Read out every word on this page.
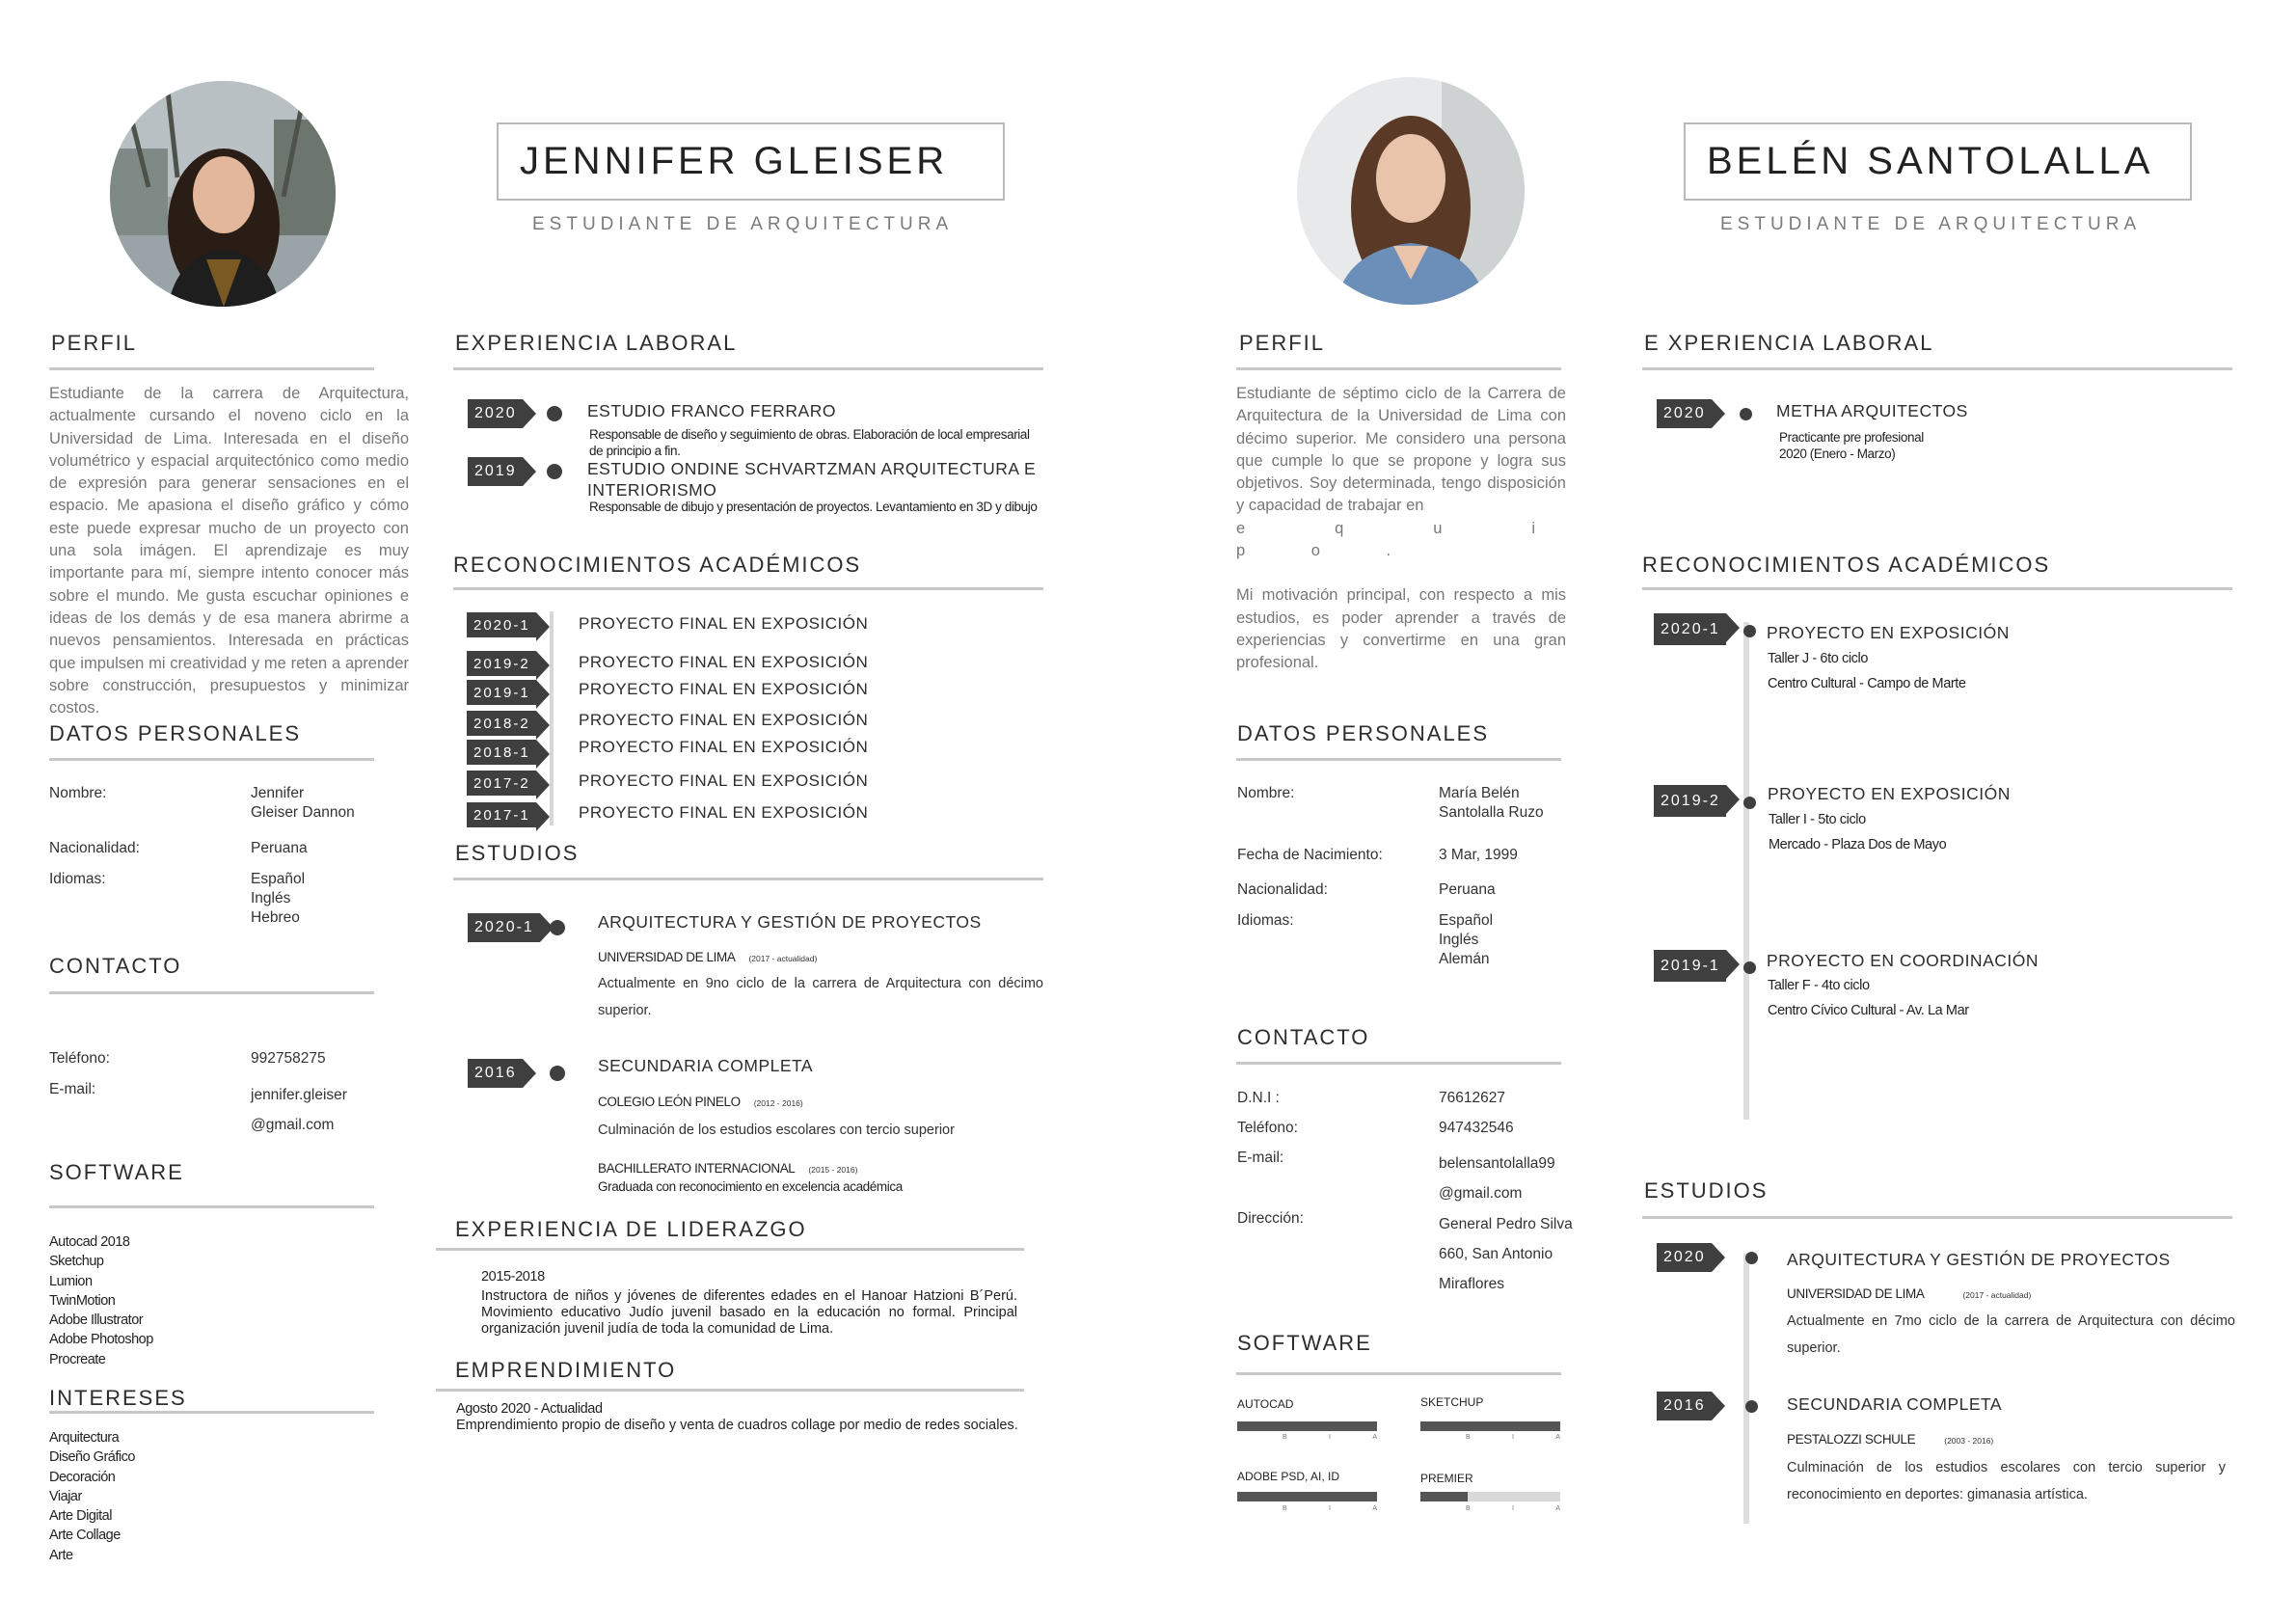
JENNIFER GLEISER
ESTUDIANTE DE ARQUITECTURA
PERFIL
Estudiante de la carrera de Arquitectura, actualmente cursando el noveno ciclo en la Universidad de Lima. Interesada en el diseño volumétrico y espacial arquitectónico como medio de expresión para generar sensaciones en el espacio. Me apasiona el diseño gráfico y cómo este puede expresar mucho de un proyecto con una sola imágen. El aprendizaje es muy importante para mí, siempre intento conocer más sobre el mundo. Me gusta escuchar opiniones e ideas de los demás y de esa manera abrirme a nuevos pensamientos. Interesada en prácticas que impulsen mi creatividad y me reten a aprender sobre construcción, presupuestos y minimizar costos.
DATOS PERSONALES
Nombre:	Jennifer
Gleiser Dannon
Nacionalidad:	Peruana
Idiomas:	Español
Inglés
Hebreo
CONTACTO
Teléfono:	992758275
E-mail:	jennifer.gleiser
@gmail.com
SOFTWARE
Autocad 2018
Sketchup
Lumion
TwinMotion
Adobe Illustrator
Adobe Photoshop
Procreate
INTERESES
Arquitectura
Diseño Gráfico
Decoración
Viajar
Arte Digital
Arte Collage
Arte
EXPERIENCIA LABORAL
2020	ESTUDIO FRANCO FERRARO
Responsable de diseño y seguimiento de obras. Elaboración de local empresarial de principio a fin.
2019	ESTUDIO ONDINE SCHVARTZMAN ARQUITECTURA E INTERIORISMO
Responsable de dibujo y presentación de proyectos. Levantamiento en 3D y dibujo
RECONOCIMIENTOS ACADÉMICOS
2020-1	PROYECTO FINAL EN EXPOSICIÓN
2019-2	PROYECTO FINAL EN EXPOSICIÓN
2019-1	PROYECTO FINAL EN EXPOSICIÓN
2018-2	PROYECTO FINAL EN EXPOSICIÓN
2018-1	PROYECTO FINAL EN EXPOSICIÓN
2017-2	PROYECTO FINAL EN EXPOSICIÓN
2017-1	PROYECTO FINAL EN EXPOSICIÓN
ESTUDIOS
2020-1	ARQUITECTURA Y GESTIÓN DE PROYECTOS
UNIVERSIDAD DE LIMA (2017 - actualidad)
Actualmente en 9no ciclo de la carrera de Arquitectura con décimo superior.
2016	SECUNDARIA COMPLETA
COLEGIO LEÓN PINELO (2012 - 2016)
Culminación de los estudios escolares con tercio superior
BACHILLERATO INTERNACIONAL (2015 - 2016)
Graduada con reconocimiento en excelencia académica
EXPERIENCIA DE LIDERAZGO
2015-2018
Instructora de niños y jóvenes de diferentes edades en el Hanoar Hatzioni B´Perú. Movimiento educativo Judío juvenil basado en la educación no formal. Principal organización juvenil judía de toda la comunidad de Lima.
EMPRENDIMIENTO
Agosto 2020 - Actualidad
Emprendimiento propio de diseño y venta de cuadros collage por medio de redes sociales.
BELÉN SANTOLALLA
ESTUDIANTE DE ARQUITECTURA
PERFIL

Estudiante de séptimo ciclo de la Carrera de Arquitectura de la Universidad de Lima con décimo superior. Me considero una persona que cumple lo que se propone y logra sus objetivos. Soy determinada, tengo disposición y capacidad de trabajar en

e q u i p o .

Mi motivación principal, con respecto a mis estudios, es poder aprender a través de experiencias y convertirme en una gran profesional.

DATOS PERSONALES
Nombre:	María Belén
Santolalla Ruzo
Fecha de Nacimiento:	3 Mar, 1999
Nacionalidad:	Peruana
Idiomas:	Español
Inglés
Alemán
CONTACTO
D.N.I :	76612627
Teléfono:	947432546
E-mail:	belensantolalla99
@gmail.com
Dirección:	General Pedro Silva
660, San Antonio
Miraflores
SOFTWARE
AUTOCAD
B	I	A
SKETCHUP
B	I	A
ADOBE PSD, AI, ID
B	I	A
PREMIER
B	I	A
E XPERIENCIA LABORAL
2020	METHA ARQUITECTOS
Practicante pre profesional
2020 (Enero - Marzo)
RECONOCIMIENTOS ACADÉMICOS
2020-1	PROYECTO EN EXPOSICIÓN
Taller J - 6to ciclo
Centro Cultural - Campo de Marte
2019-2	PROYECTO EN EXPOSICIÓN
Taller I - 5to ciclo
Mercado - Plaza Dos de Mayo
2019-1	PROYECTO EN COORDINACIÓN
Taller F - 4to ciclo
Centro Cívico Cultural - Av. La Mar
ESTUDIOS
2020	ARQUITECTURA Y GESTIÓN DE PROYECTOS
UNIVERSIDAD DE LIMA	(2017 - actualidad)
Actualmente en 7mo ciclo de la carrera de Arquitectura con décimo superior.
2016	SECUNDARIA COMPLETA
PESTALOZZI SCHULE	(2003 - 2016)
Culminación de los estudios escolares con tercio superior y reconocimiento en deportes: gimanasia artística.
